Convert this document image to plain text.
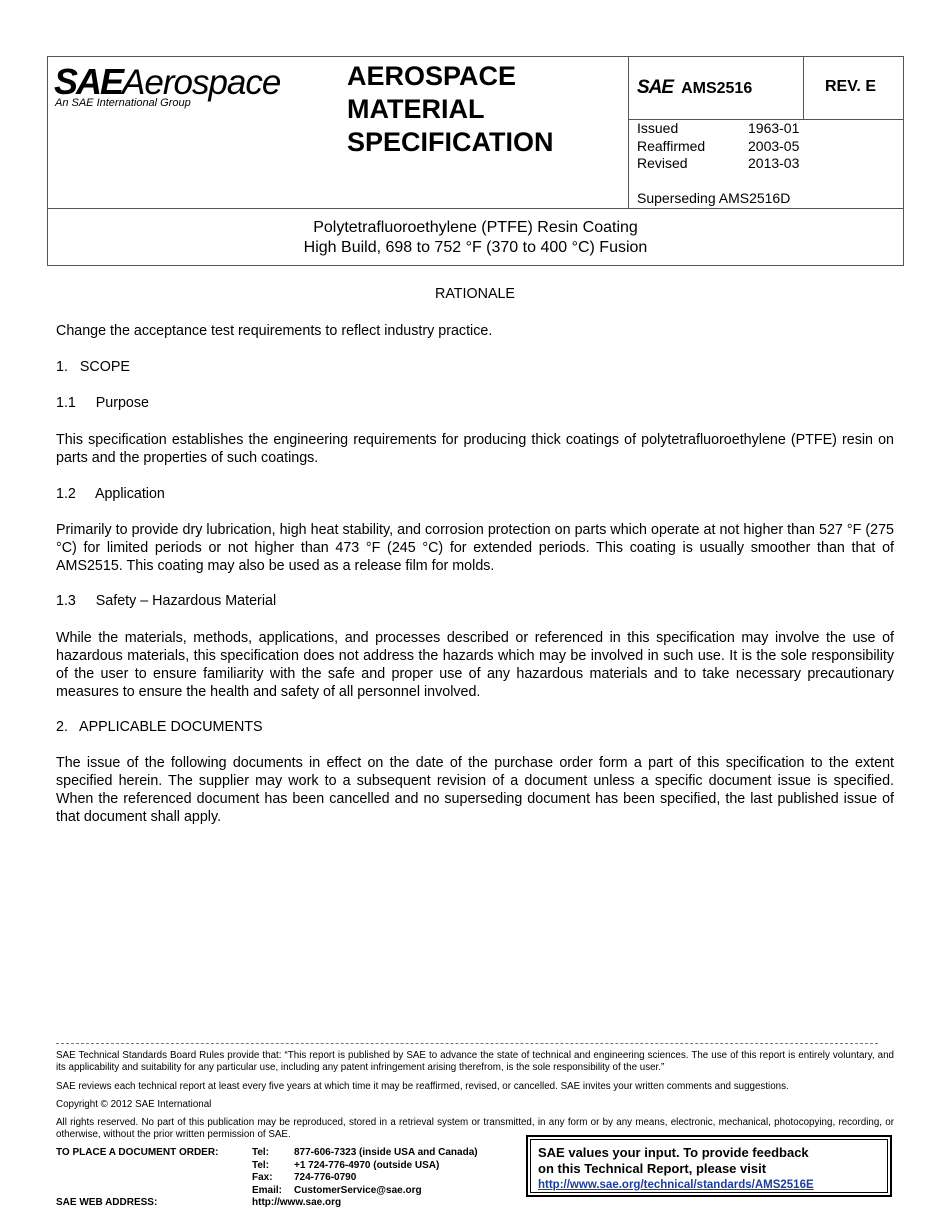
SAEAerospace
An SAE International Group
AEROSPACE
MATERIAL
SPECIFICATION
SAE AMS2516	REV. E
Issued	1963-01
Reaffirmed	2003-05
Revised	2013-03
Superseding AMS2516D
Polytetrafluoroethylene (PTFE) Resin Coating
High Build, 698 to 752 °F (370 to 400 °C) Fusion
RATIONALE
Change the acceptance test requirements to reflect industry practice.
1.   SCOPE
1.1     Purpose
This specification establishes the engineering requirements for producing thick coatings of polytetrafluoroethylene (PTFE) resin on parts and the properties of such coatings.
1.2     Application
Primarily to provide dry lubrication, high heat stability, and corrosion protection on parts which operate at not higher than 527 °F (275 °C) for limited periods or not higher than 473 °F (245 °C) for extended periods. This coating is usually smoother than that of AMS2515. This coating may also be used as a release film for molds.
1.3     Safety – Hazardous Material
While the materials, methods, applications, and processes described or referenced in this specification may involve the use of hazardous materials, this specification does not address the hazards which may be involved in such use. It is the sole responsibility of the user to ensure familiarity with the safe and proper use of any hazardous materials and to take necessary precautionary measures to ensure the health and safety of all personnel involved.
2.   APPLICABLE DOCUMENTS
The issue of the following documents in effect on the date of the purchase order form a part of this specification to the extent specified herein. The supplier may work to a subsequent revision of a document unless a specific document issue is specified. When the referenced document has been cancelled and no superseding document has been specified, the last published issue of that document shall apply.
SAE Technical Standards Board Rules provide that: “This report is published by SAE to advance the state of technical and engineering sciences. The use of this report is entirely voluntary, and its applicability and suitability for any particular use, including any patent infringement arising therefrom, is the sole responsibility of the user.”
SAE reviews each technical report at least every five years at which time it may be reaffirmed, revised, or cancelled. SAE invites your written comments and suggestions.
Copyright © 2012 SAE International
All rights reserved. No part of this publication may be reproduced, stored in a retrieval system or transmitted, in any form or by any means, electronic, mechanical, photocopying, recording, or otherwise, without the prior written permission of SAE.
TO PLACE A DOCUMENT ORDER:	Tel: 877-606-7323 (inside USA and Canada)
Tel: +1 724-776-4970 (outside USA)
Fax: 724-776-0790
Email: CustomerService@sae.org
SAE WEB ADDRESS:	http://www.sae.org
SAE values your input. To provide feedback
on this Technical Report, please visit
http://www.sae.org/technical/standards/AMS2516E
